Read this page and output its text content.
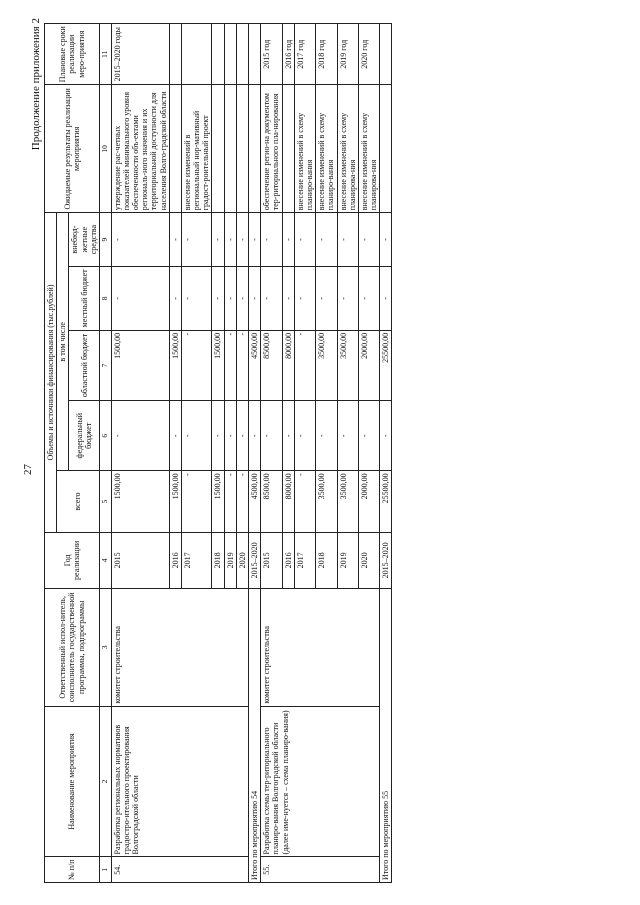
27
Продолжение приложения 2
№ п/п	Наименование мероприятия	Ответственный испол-нитель, соисполнитель государственной программы, подпрограммы	Год реализации	Объемы и источники финансирования (тыс.рублей)					Ожидаемые результаты реализации мероприятия	Плановые сроки реализации меро-приятия
				всего	в том числе					
					федеральный бюджет	областной бюджет	местный бюджет	внебюд-жетные средства		
1	2	3	4	5	6	7	8	9	10	11
54.	Разработка региональных нормативов градостро-ительного проектирования Волгоградской области	комитет строительства	2015	1500,00	-	1500,00	-	-	утверждение рас-четных показателей минимального уровня обеспеченности объ-ектами региональ-ного значения и их территориальной доступности для населения Волго-градской области	2015–2020 годы
			2016	1500,00	-	1500,00	-	-		
			2017	-	-	-	-	-	внесение изменений в региональный нор-мативный градост-роительный проект	
			2018	1500,00	-	1500,00	-	-		
			2019	-	-	-	-	-		
			2020	-	-	-	-	-		
Итого по мероприятию 54			2015–2020	4500,00	-	4500,00	-	-		
55.	Разработка схемы тер-риториального планиро-вания Волгоградской области (далее име-нуется – схема планиро-вания)	комитет строительства	2015	8500,00	-	8500,00	-	-	обеспечение регио-на документом тер-риториального пла-нирования	2015 год
			2016	8000,00	-	8000,00	-	-		2016 год
			2017	-	-	-	-	-	внесение изменений в схему планиро-вания	2017 год
			2018	3500,00	-	3500,00	-	-	внесение изменений в схему планиро-вания	2018 год
			2019	3500,00	-	3500,00	-	-	внесение изменений в схему планирова-ния	2019 год
			2020	2000,00	-	2000,00	-	-	внесение изменений в схему планирова-ния	2020 год
Итого по мероприятию 55			2015–2020	25500,00	-	25500,00	-	-		
